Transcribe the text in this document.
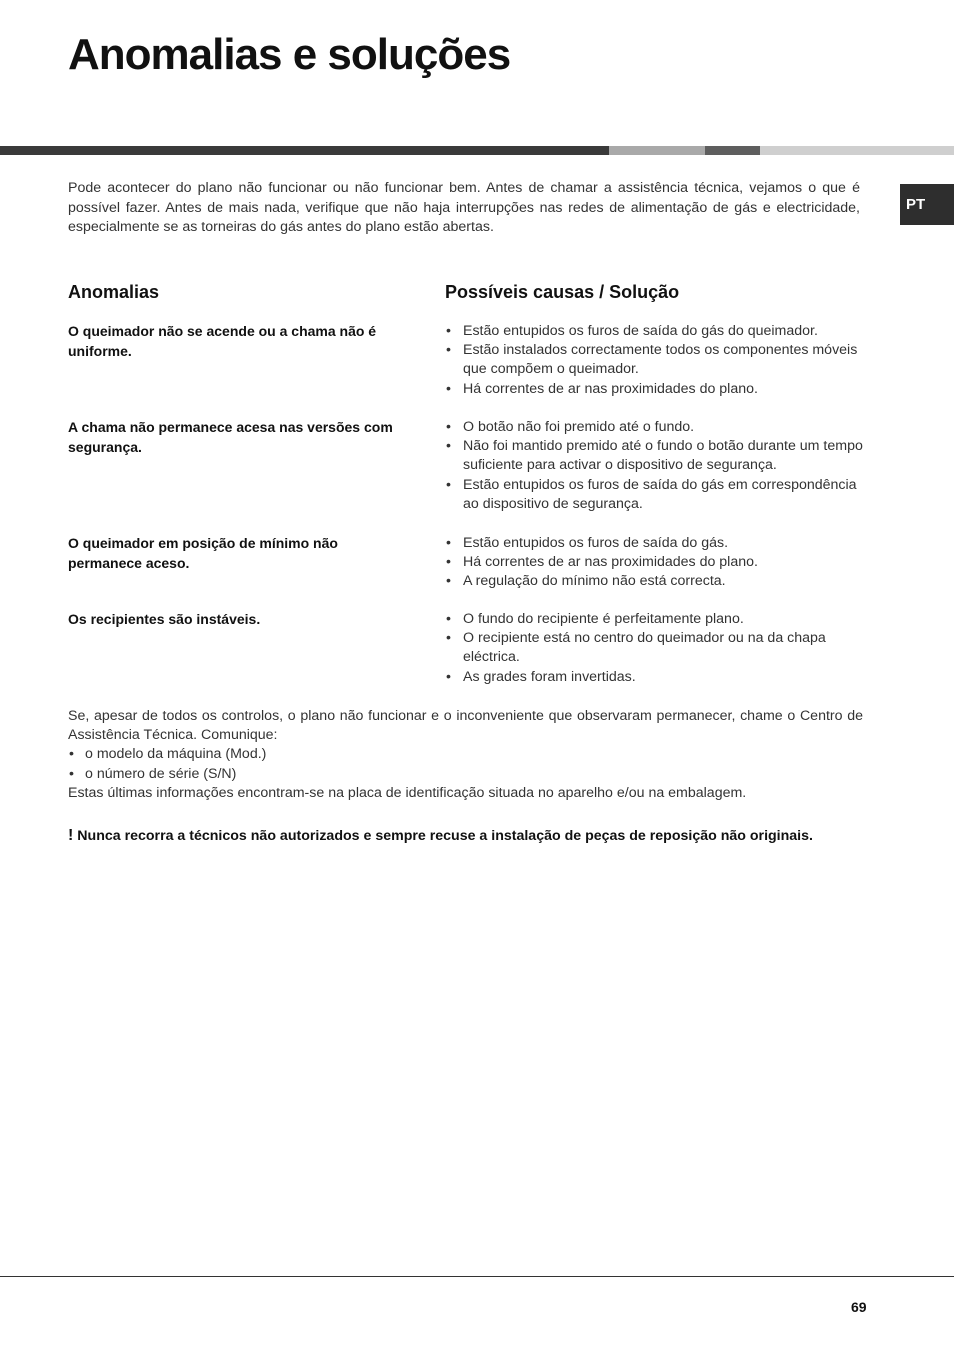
Anomalias e soluções
PT

Pode acontecer do plano não funcionar ou não funcionar bem. Antes de chamar a assistência técnica, vejamos o que é possível fazer. Antes de mais nada, verifique que não haja interrupções nas redes de alimentação de gás e electricidade, especialmente se as torneiras do gás antes do plano estão abertas.

Anomalias	Possíveis causas / Solução

O queimador não se acende ou a chama não é uniforme.

• Estão entupidos os furos de saída do gás do queimador.
• Estão instalados correctamente todos os componentes móveis que compõem o queimador.
• Há correntes de ar nas proximidades do plano.

A chama não permanece acesa nas versões com segurança.

• O botão não foi premido até o fundo.
• Não foi mantido premido até o fundo o botão durante um tempo suficiente para activar o dispositivo de segurança.
• Estão entupidos os furos de saída do gás em correspondência ao dispositivo de segurança.

O queimador em posição de mínimo não permanece aceso.

• Estão entupidos os furos de saída do gás.
• Há correntes de ar nas proximidades do plano.
• A regulação do mínimo não está correcta.

Os recipientes são instáveis.

•	O fundo do recipiente é perfeitamente plano.
• O recipiente está no centro do queimador ou na da chapa eléctrica.
• As grades foram invertidas.

Se, apesar de todos os controlos, o plano não funcionar e o inconveniente que observaram permanecer, chame o Centro de Assistência Técnica. Comunique:

• o modelo da máquina (Mod.)
• o número de série (S/N)

Estas últimas informações encontram-se na placa de identificação situada no aparelho e/ou na embalagem.

! Nunca recorra a técnicos não autorizados e sempre recuse a instalação de peças de reposição não originais.

69
